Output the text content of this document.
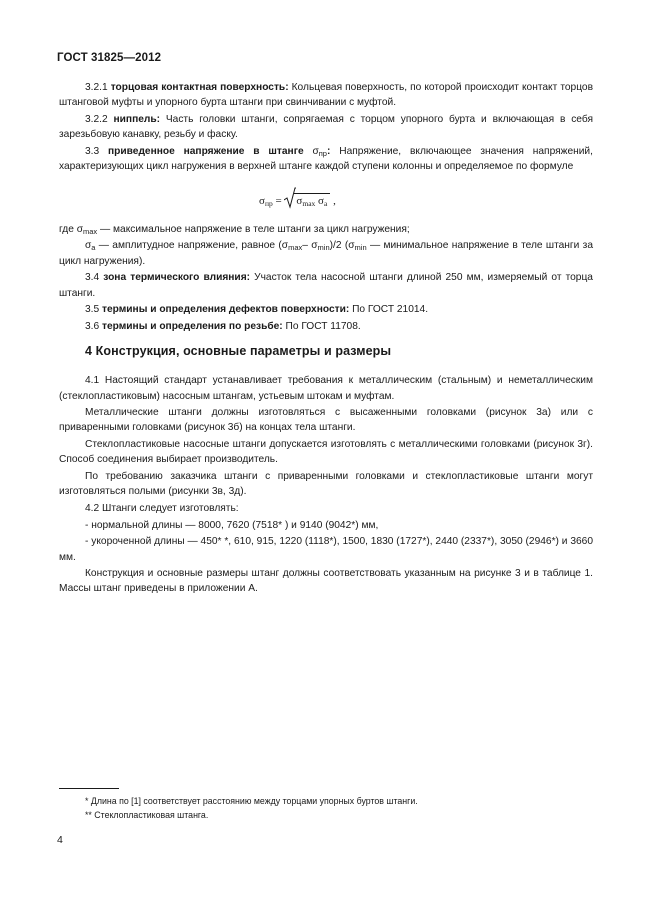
ГОСТ 31825—2012

3.2.1 торцовая контактная поверхность: Кольцевая поверхность, по которой происходит контакт торцов штанговой муфты и упорного бурта штанги при свинчивании с муфтой.

3.2.2 ниппель: Часть головки штанги, сопрягаемая с торцом упорного бурта и включающая в себя зарезьбовую канавку, резьбу и фаску.

3.3 приведенное напряжение в штанге $\sigma_{пр}$: Напряжение, включающее значения напряжений, характеризующих цикл нагружения в верхней штанге каждой ступени колонны и определяемое по формуле

$\sigma_{пр} = \sigma_{max}$ $\sigma_a$ ,

где $\sigma_{max}$ — максимальное напряжение в теле штанги за цикл нагружения;

$\sigma_a$ — амплитудное напряжение, равное ($\sigma_{max}-$ $\sigma_{min})/2$ ($\sigma_{min}$ — минимальное напряжение в теле штанги за цикл нагружения).

3.4 зона термического влияния: Участок тела насосной штанги длиной 250 мм, измеряемый от торца штанги.

3.5 термины и определения дефектов поверхности: По ГОСТ 21014.

3.6 термины и определения по резьбе: По ГОСТ 11708.

4 Конструкция, основные параметры и размеры

4.1 Настоящий стандарт устанавливает требования к металлическим (стальным) и неметаллическим (стеклопластиковым) насосным штангам, устьевым штокам и муфтам.

Металлические штанги должны изготовляться с высаженными головками (рисунок 3а) или с приваренными головками (рисунок 3б) на концах тела штанги.

Стеклопластиковые насосные штанги допускается изготовлять с металлическими головками (рисунок 3г). Способ соединения выбирает производитель.

По требованию заказчика штанги с приваренными головками и стеклопластиковые штанги могут изготовляться полыми (рисунки 3в, 3д).

4.2 Штанги следует изготовлять:

- нормальной длины — 8000, 7620 (7518* ) и 9140 (9042*) мм,

- укороченной длины — 450* *, 610, 915, 1220 (1118*), 1500, 1830 (1727*), 2440 (2337*), 3050 (2946*) и 3660 мм.

Конструкция и основные размеры штанг должны соответствовать указанным на рисунке 3 и в таблице 1. Массы штанг приведены в приложении А.

* Длина по [1] соответствует расстоянию между торцами упорных буртов штанги.
** Стеклопластиковая штанга.
4
